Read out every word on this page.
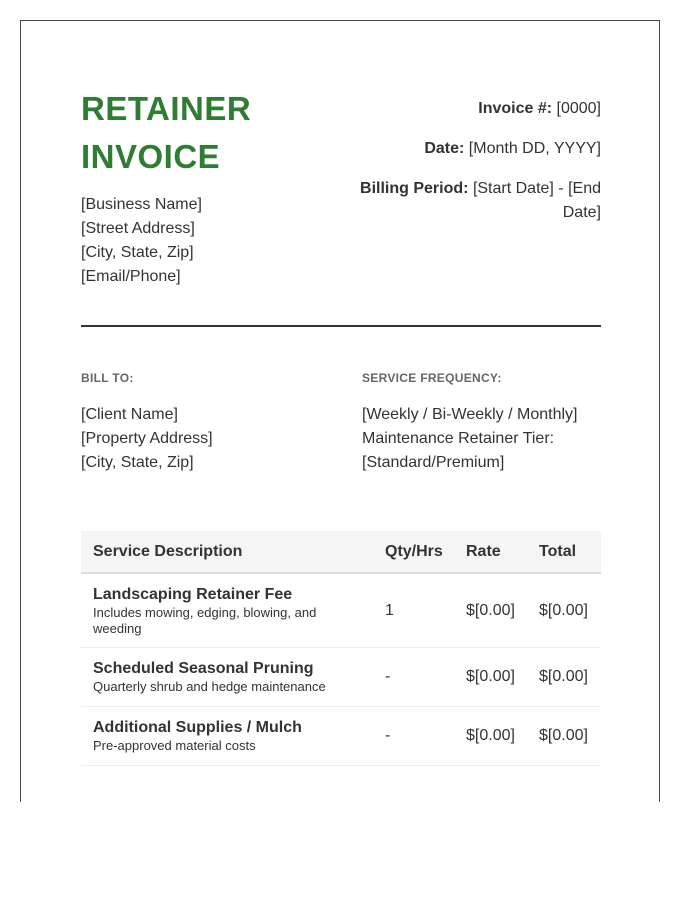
RETAINER
INVOICE
[Business Name]
[Street Address]
[City, State, Zip]
[Email/Phone]
Invoice #: [0000]
Date: [Month DD, YYYY]
Billing Period: [Start Date] - [End Date]
BILL TO:
[Client Name]
[Property Address]
[City, State, Zip]
SERVICE FREQUENCY:
[Weekly / Bi-Weekly / Monthly]
Maintenance Retainer Tier:
[Standard/Premium]
Service Description	Qty/Hrs	Rate	Total

Landscaping Retainer Fee
Includes mowing, edging, blowing, and weeding	1	$[0.00]	$[0.00]

Scheduled Seasonal Pruning
Quarterly shrub and hedge maintenance	-	$[0.00]	$[0.00]

Additional Supplies / Mulch
Pre-approved material costs	-	$[0.00]	$[0.00]
